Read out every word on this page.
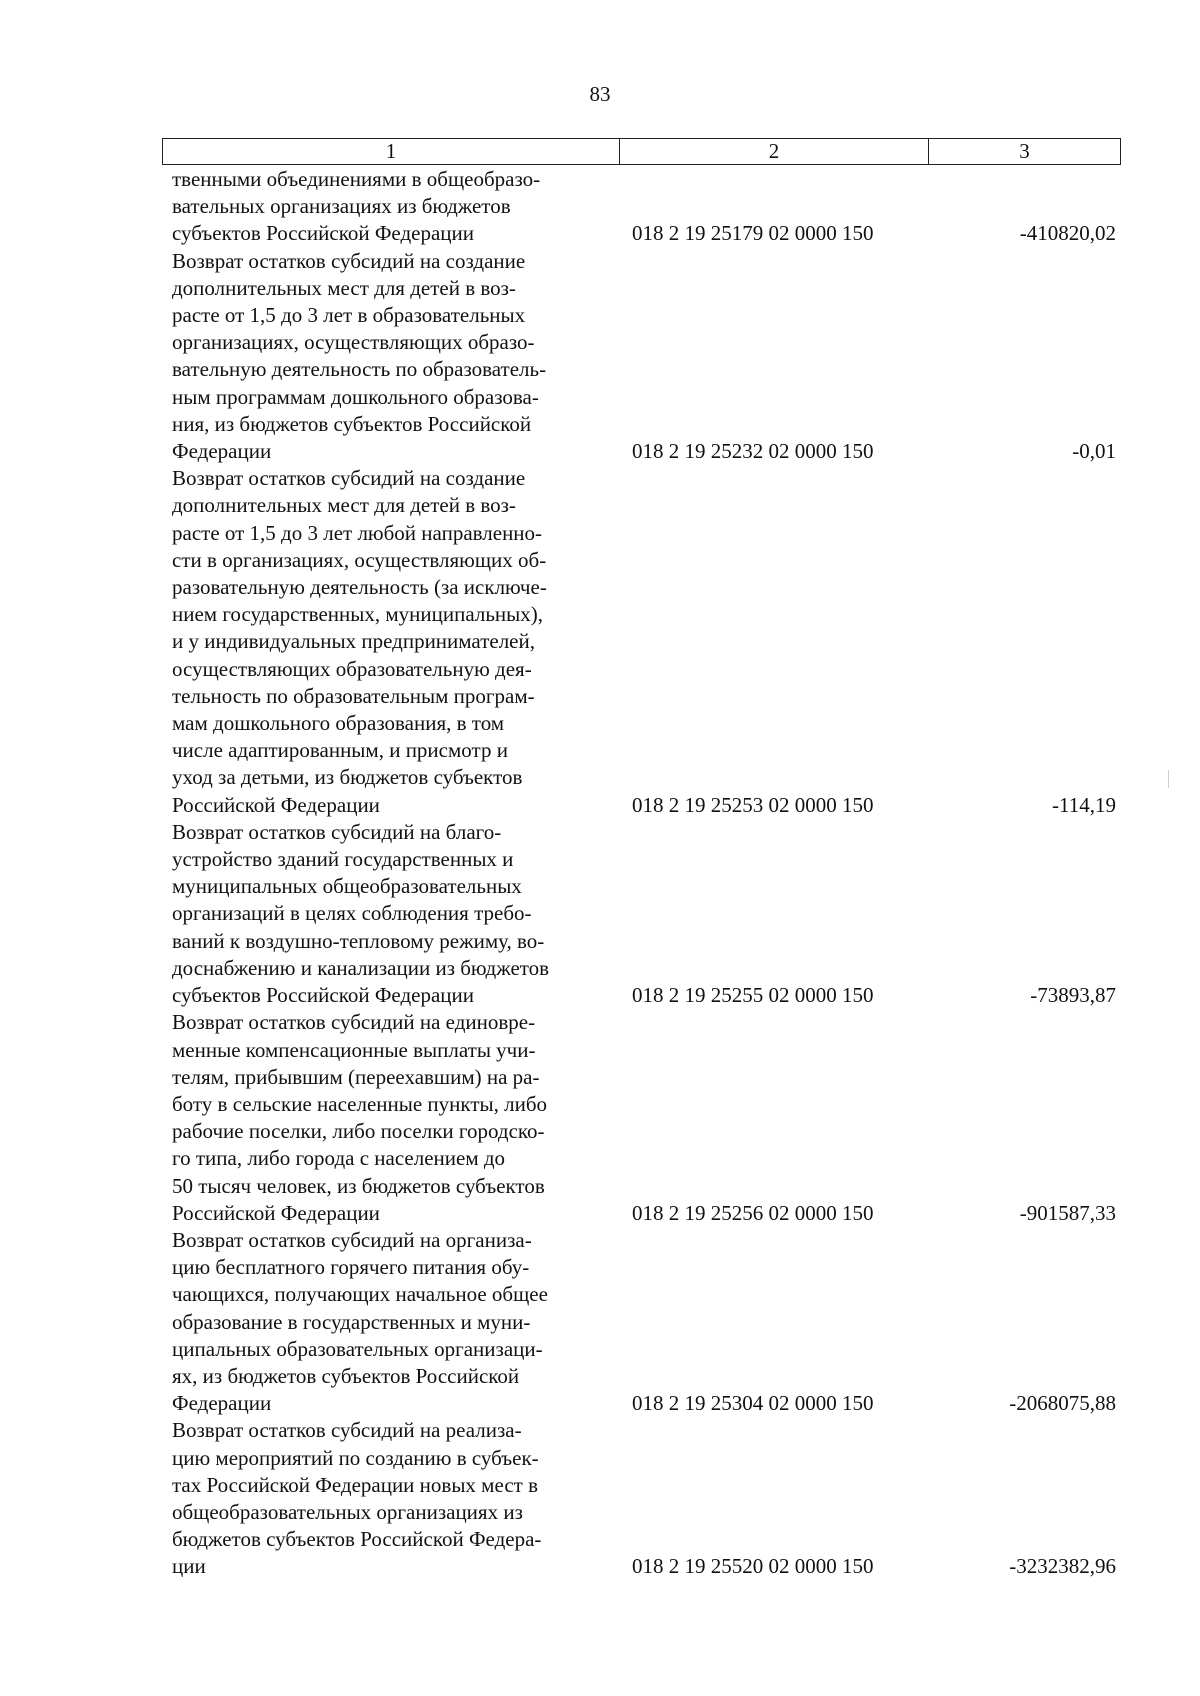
83
1	2	3
твенными объединениями в общеобразо-
вательных организациях из бюджетов
субъектов Российской Федерации	018 2 19 25179 02 0000 150	-410820,02
Возврат остатков субсидий на создание
дополнительных мест для детей в воз-
расте от 1,5 до 3 лет в образовательных
организациях, осуществляющих образо-
вательную деятельность по образователь-
ным программам дошкольного образова-
ния, из бюджетов субъектов Российской
Федерации	018 2 19 25232 02 0000 150	-0,01
Возврат остатков субсидий на создание
дополнительных мест для детей в воз-
расте от 1,5 до 3 лет любой направленно-
сти в организациях, осуществляющих об-
разовательную деятельность (за исключе-
нием государственных, муниципальных),
и у индивидуальных предпринимателей,
осуществляющих образовательную дея-
тельность по образовательным програм-
мам дошкольного образования, в том
числе адаптированным, и присмотр и
уход за детьми, из бюджетов субъектов
Российской Федерации	018 2 19 25253 02 0000 150	-114,19
Возврат остатков субсидий на благо-
устройство зданий государственных и
муниципальных общеобразовательных
организаций в целях соблюдения требо-
ваний к воздушно-тепловому режиму, во-
доснабжению и канализации из бюджетов
субъектов Российской Федерации	018 2 19 25255 02 0000 150	-73893,87
Возврат остатков субсидий на единовре-
менные компенсационные выплаты учи-
телям, прибывшим (переехавшим) на ра-
боту в сельские населенные пункты, либо
рабочие поселки, либо поселки городско-
го типа, либо города с населением до
50 тысяч человек, из бюджетов субъектов
Российской Федерации	018 2 19 25256 02 0000 150	-901587,33
Возврат остатков субсидий на организа-
цию бесплатного горячего питания обу-
чающихся, получающих начальное общее
образование в государственных и муни-
ципальных образовательных организаци-
ях, из бюджетов субъектов Российской
Федерации	018 2 19 25304 02 0000 150	-2068075,88
Возврат остатков субсидий на реализа-
цию мероприятий по созданию в субъек-
тах Российской Федерации новых мест в
общеобразовательных организациях из
бюджетов субъектов Российской Федера-
ции	018 2 19 25520 02 0000 150	-3232382,96
